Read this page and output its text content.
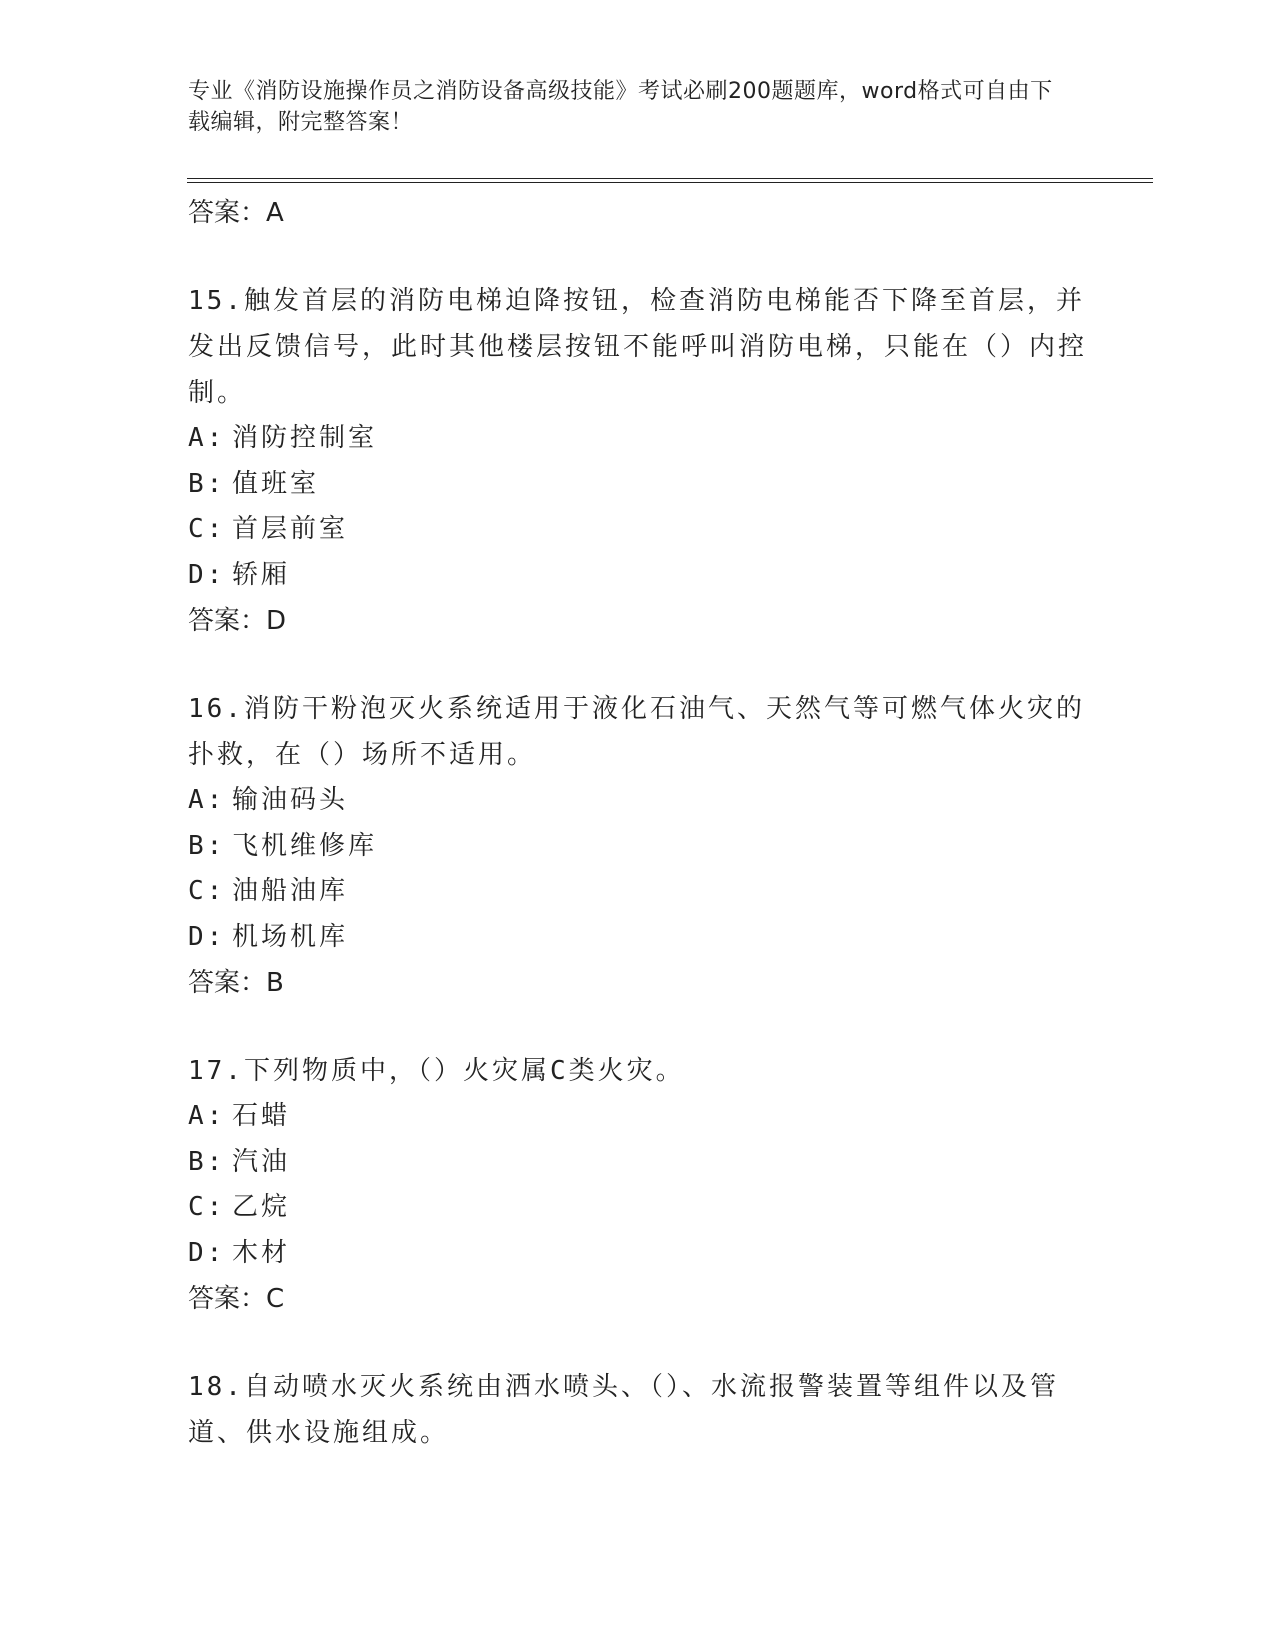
专业《消防设施操作员之消防设备高级技能》考试必刷200题题库，word格式可自由下载编辑，附完整答案！
答案：A

15.触发首层的消防电梯迫降按钮，检查消防电梯能否下降至首层，并发出反馈信号，此时其他楼层按钮不能呼叫消防电梯，只能在（）内控制。

A: 消防控制室
B: 值班室
C: 首层前室
D: 轿厢
答案：D

16.消防干粉泡灭火系统适用于液化石油气、天然气等可燃气体火灾的扑救，在（）场所不适用。

A: 输油码头
B: 飞机维修库
C: 油船油库
D: 机场机库
答案：B

17.下列物质中，（）火灾属C类火灾。

A: 石蜡
B: 汽油
C: 乙烷
D: 木材
答案：C

18.自动喷水灭火系统由洒水喷头、（）、水流报警装置等组件以及管道、供水设施组成。
